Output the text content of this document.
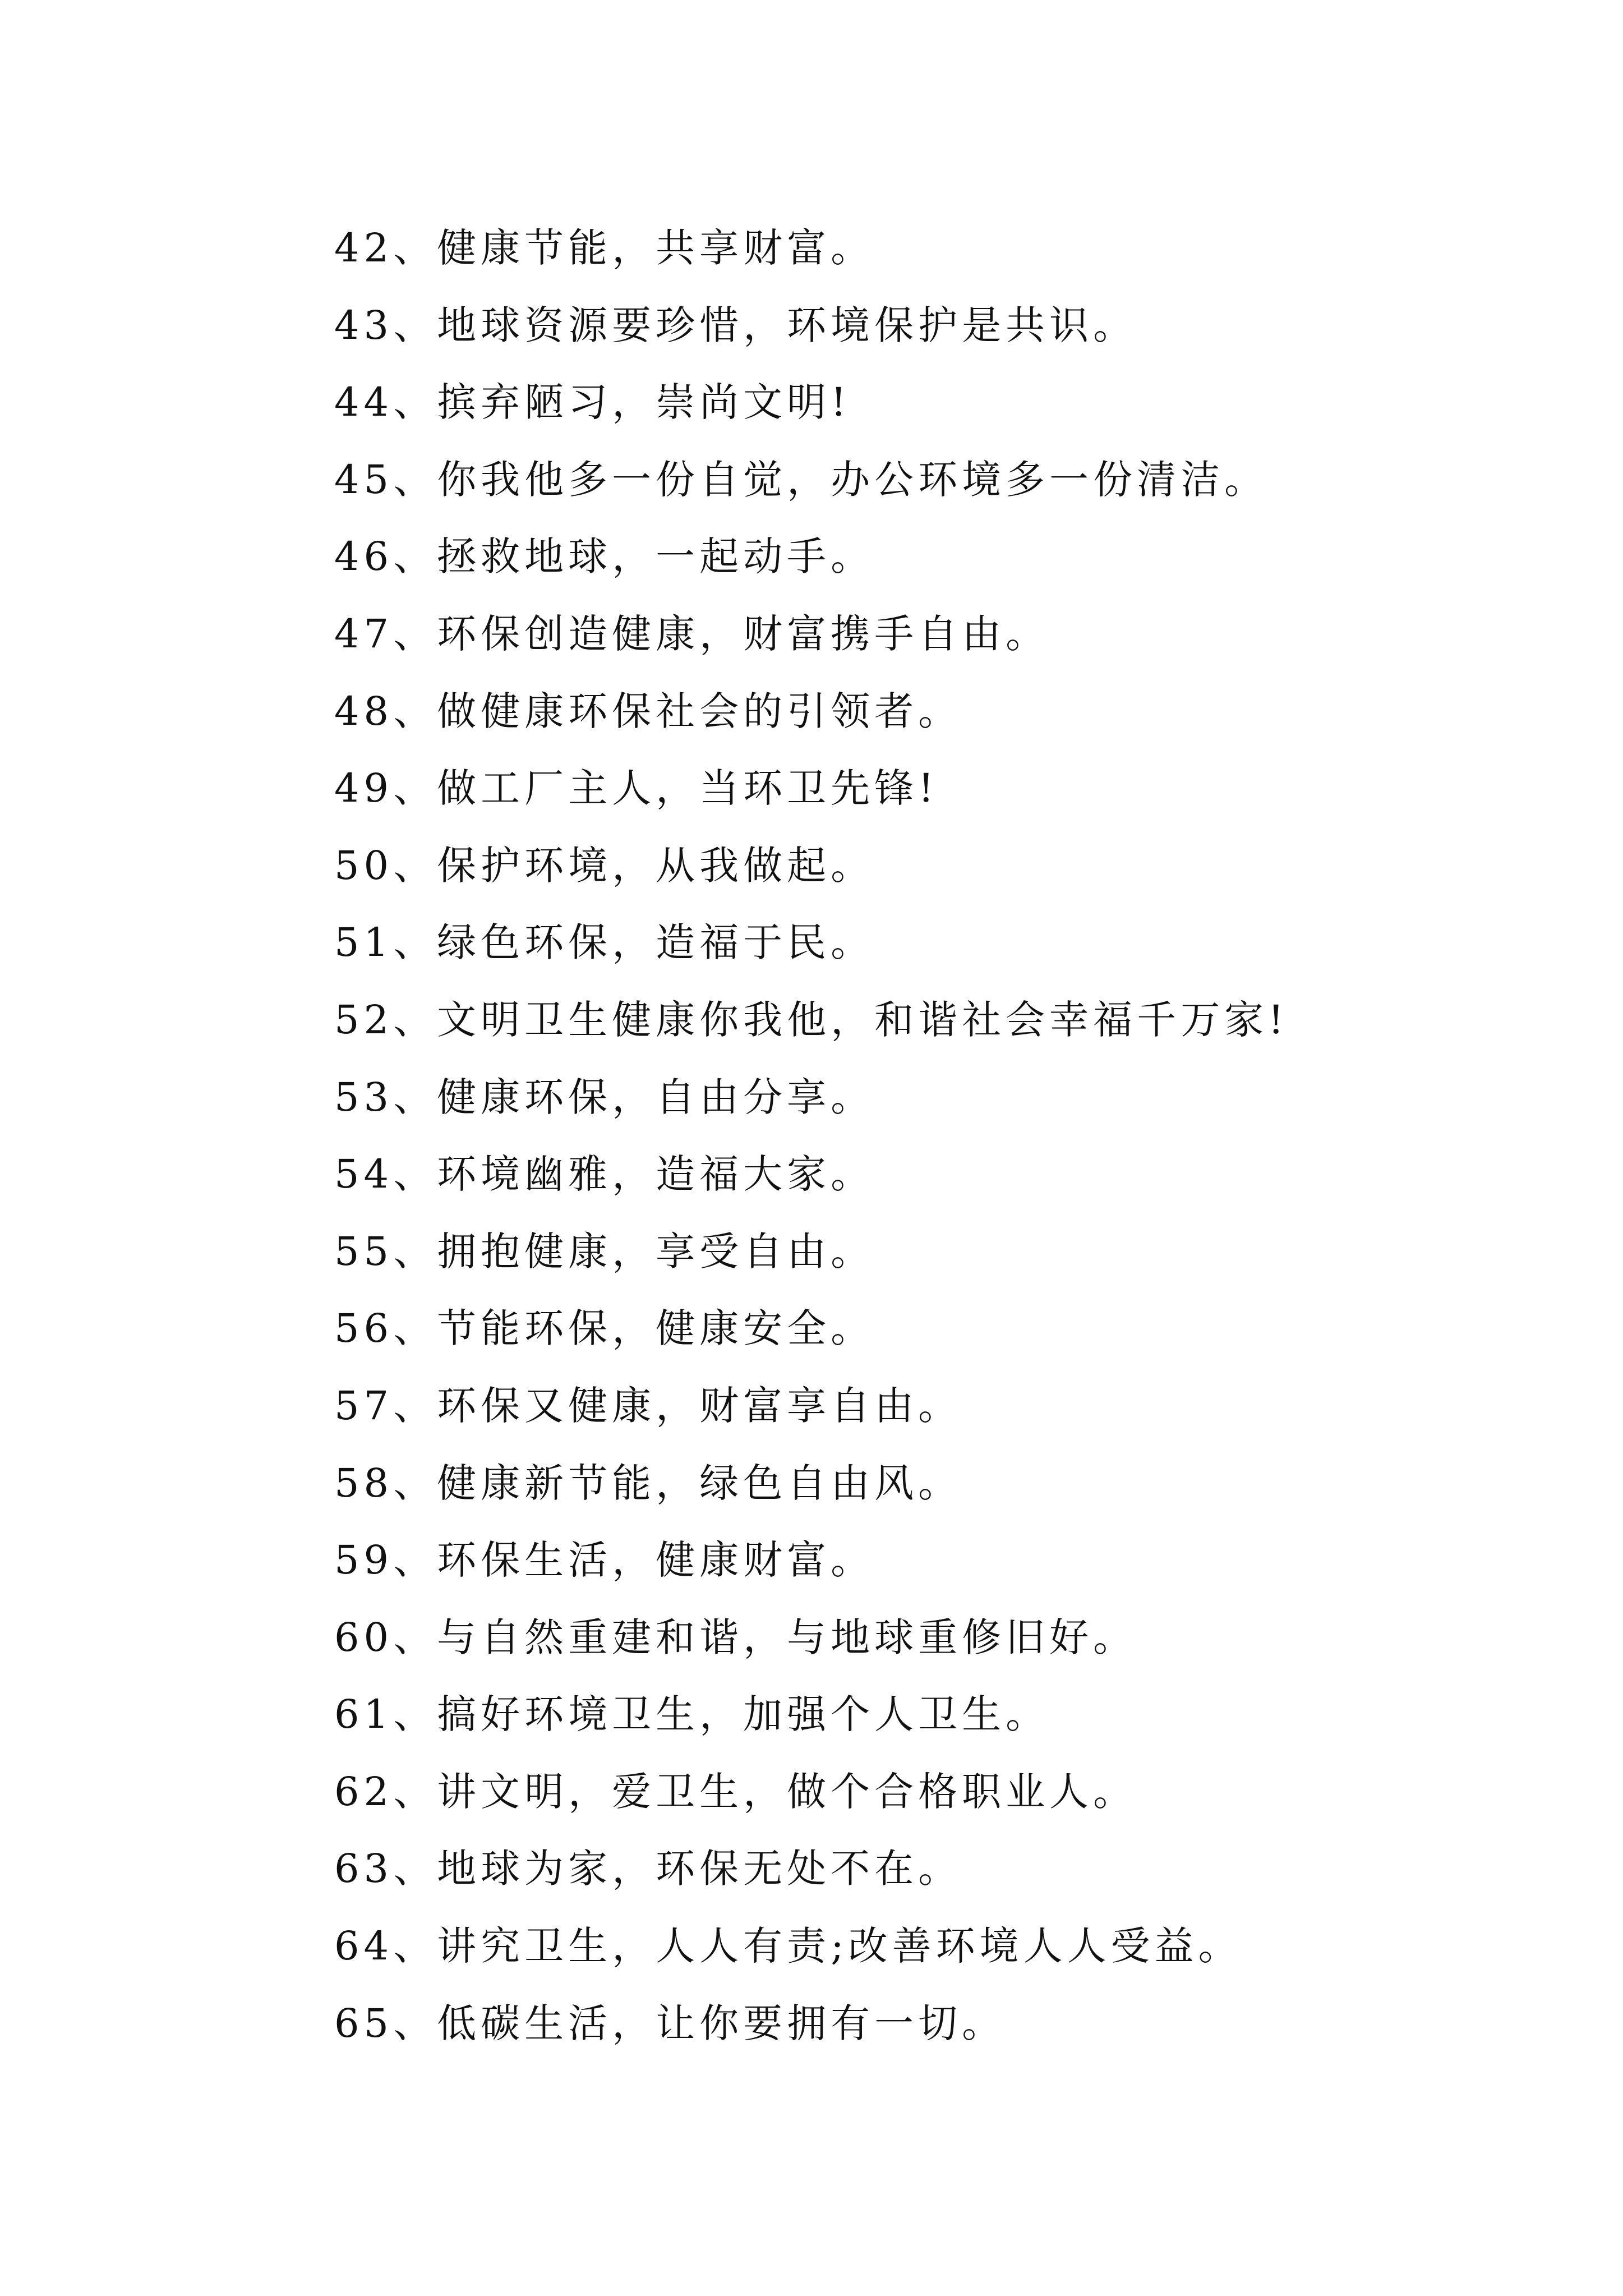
42、健康节能，共享财富。
43、地球资源要珍惜，环境保护是共识。
44、摈弃陋习，崇尚文明!
45、你我他多一份自觉，办公环境多一份清洁。
46、拯救地球，一起动手。
47、环保创造健康，财富携手自由。
48、做健康环保社会的引领者。
49、做工厂主人，当环卫先锋!
50、保护环境，从我做起。
51、绿色环保，造福于民。
52、文明卫生健康你我他，和谐社会幸福千万家!
53、健康环保，自由分享。
54、环境幽雅，造福大家。
55、拥抱健康，享受自由。
56、节能环保，健康安全。
57、环保又健康，财富享自由。
58、健康新节能，绿色自由风。
59、环保生活，健康财富。
60、与自然重建和谐，与地球重修旧好。
61、搞好环境卫生，加强个人卫生。
62、讲文明，爱卫生，做个合格职业人。
63、地球为家，环保无处不在。
64、讲究卫生，人人有责;改善环境人人受益。
65、低碳生活，让你要拥有一切。
